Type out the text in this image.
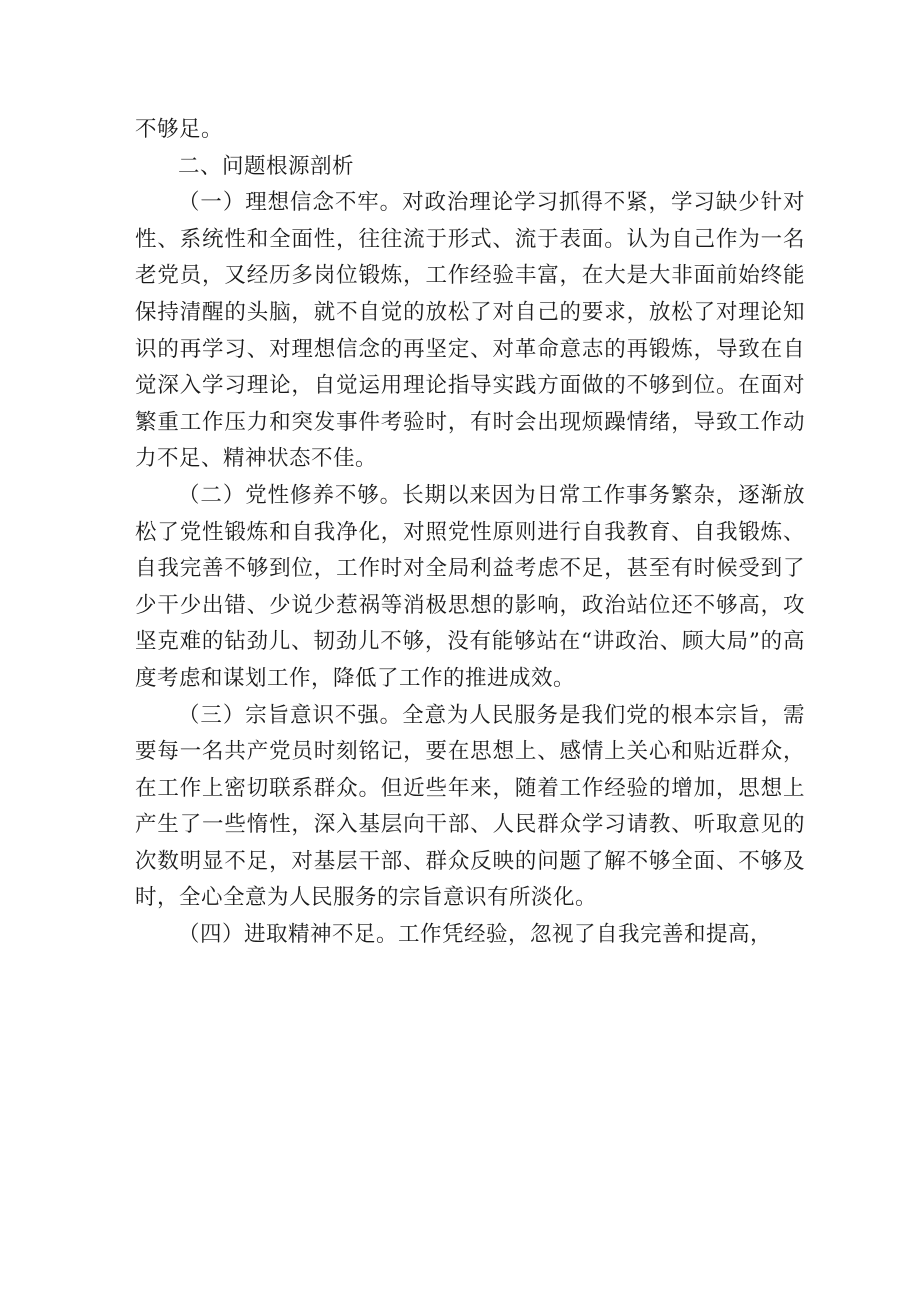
不够足。

二、问题根源剖析

（一）理想信念不牢。对政治理论学习抓得不紧，学习缺少针对性、系统性和全面性，往往流于形式、流于表面。认为自己作为一名老党员，又经历多岗位锻炼，工作经验丰富，在大是大非面前始终能保持清醒的头脑，就不自觉的放松了对自己的要求，放松了对理论知识的再学习、对理想信念的再坚定、对革命意志的再锻炼，导致在自觉深入学习理论，自觉运用理论指导实践方面做的不够到位。在面对繁重工作压力和突发事件考验时，有时会出现烦躁情绪，导致工作动力不足、精神状态不佳。

（二）党性修养不够。长期以来因为日常工作事务繁杂，逐渐放松了党性锻炼和自我净化，对照党性原则进行自我教育、自我锻炼、自我完善不够到位，工作时对全局利益考虑不足，甚至有时候受到了少干少出错、少说少惹祸等消极思想的影响，政治站位还不够高，攻坚克难的钻劲儿、韧劲儿不够，没有能够站在“讲政治、顾大局”的高度考虑和谋划工作，降低了工作的推进成效。

（三）宗旨意识不强。全意为人民服务是我们党的根本宗旨，需要每一名共产党员时刻铭记，要在思想上、感情上关心和贴近群众，在工作上密切联系群众。但近些年来，随着工作经验的增加，思想上产生了一些惰性，深入基层向干部、人民群众学习请教、听取意见的次数明显不足，对基层干部、群众反映的问题了解不够全面、不够及时，全心全意为人民服务的宗旨意识有所淡化。

（四）进取精神不足。工作凭经验，忽视了自我完善和提高，
